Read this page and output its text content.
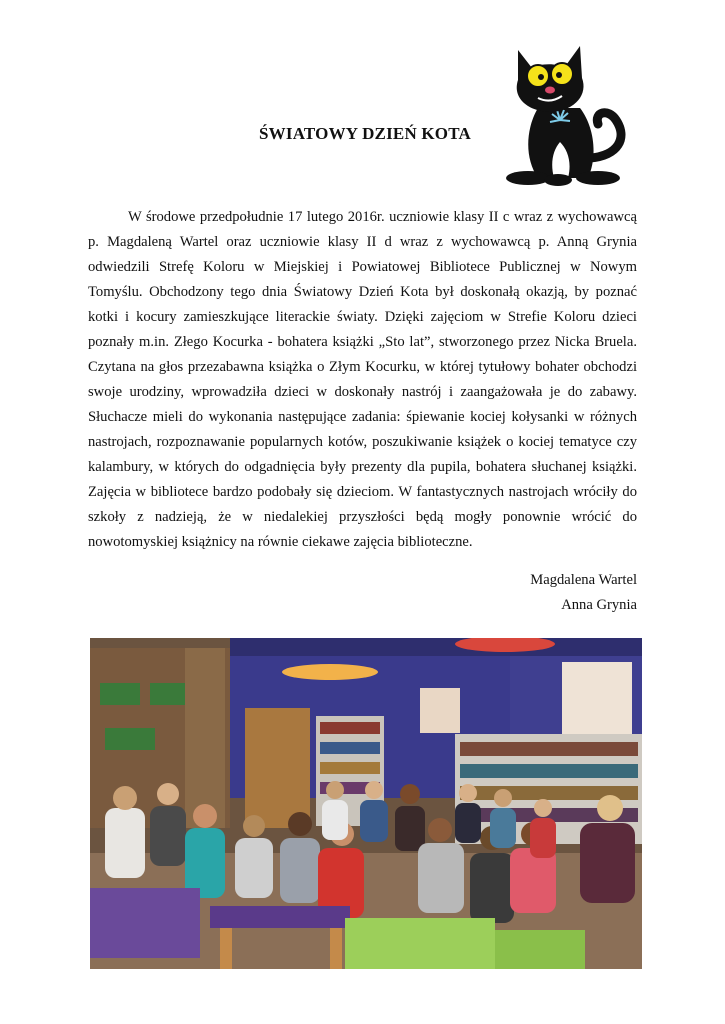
ŚWIATOWY DZIEŃ KOTA

W środowe przedpołudnie 17 lutego 2016r. uczniowie klasy II c wraz z wychowawcą p. Magdaleną Wartel oraz uczniowie klasy II d wraz z wychowawcą p. Anną Grynia odwiedzili Strefę Koloru w Miejskiej i Powiatowej Bibliotece Publicznej w Nowym Tomyślu. Obchodzony tego dnia Światowy Dzień Kota był doskonałą okazją, by poznać kotki i kocury zamieszkujące literackie światy. Dzięki zajęciom w Strefie Koloru dzieci poznały m.in. Złego Kocurka - bohatera książki „Sto lat”, stworzonego przez Nicka Bruela. Czytana na głos przezabawna książka o Złym Kocurku, w której tytułowy bohater obchodzi swoje urodziny, wprowadziła dzieci w doskonały nastrój i zaangażowała je do zabawy. Słuchacze mieli do wykonania następujące zadania: śpiewanie kociej kołysanki w różnych nastrojach, rozpoznawanie popularnych kotów, poszukiwanie książek o kociej tematyce czy kalambury, w których do odgadnięcia były prezenty dla pupila, bohatera słuchanej książki. Zajęcia w bibliotece bardzo podobały się dzieciom. W fantastycznych nastrojach wróciły do szkoły z nadzieją, że w niedalekiej przyszłości będą mogły ponownie wrócić do nowotomyskiej książnicy na równie ciekawe zajęcia biblioteczne.

Magdalena Wartel
Anna Grynia
